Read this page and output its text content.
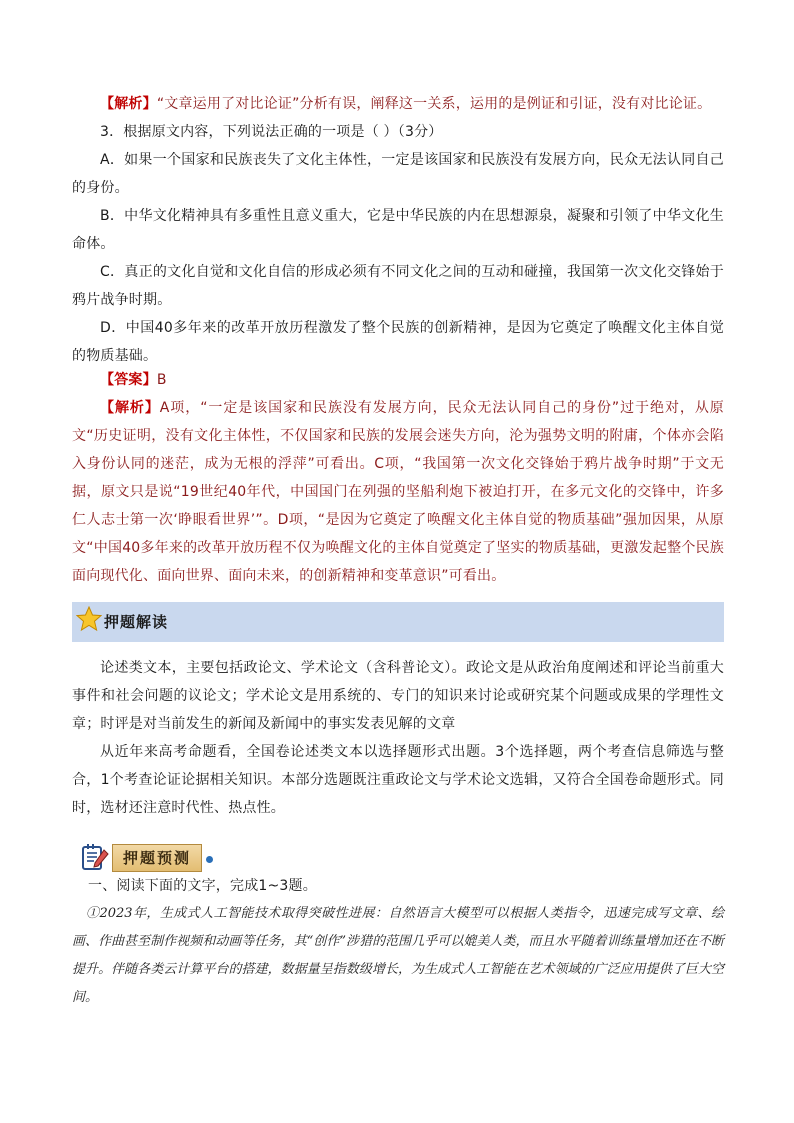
【解析】“文章运用了对比论证”分析有误，阐释这一关系，运用的是例证和引证，没有对比论证。

3．根据原文内容，下列说法正确的一项是（ ）（3分）

A．如果一个国家和民族丧失了文化主体性，一定是该国家和民族没有发展方向，民众无法认同自己的身份。

B．中华文化精神具有多重性且意义重大，它是中华民族的内在思想源泉，凝聚和引领了中华文化生命体。

C．真正的文化自觉和文化自信的形成必须有不同文化之间的互动和碰撞，我国第一次文化交锋始于鸦片战争时期。

D．中国40多年来的改革开放历程激发了整个民族的创新精神，是因为它奠定了唤醒文化主体自觉的物质基础。

【答案】B

【解析】A项，“一定是该国家和民族没有发展方向，民众无法认同自己的身份”过于绝对，从原文“历史证明，没有文化主体性，不仅国家和民族的发展会迷失方向，沦为强势文明的附庸，个体亦会陷入身份认同的迷茫，成为无根的浮萍”可看出。C项，“我国第一次文化交锋始于鸦片战争时期”于文无据，原文只是说“19世纪40年代，中国国门在列强的坚船利炮下被迫打开，在多元文化的交锋中，许多仁人志士第一次‘睁眼看世界’”。D项，“是因为它奠定了唤醒文化主体自觉的物质基础”强加因果，从原文“中国40多年来的改革开放历程不仅为唤醒文化的主体自觉奠定了坚实的物质基础，更激发起整个民族面向现代化、面向世界、面向未来，的创新精神和变革意识”可看出。

押题解读

论述类文本，主要包括政论文、学术论文（含科普论文）。政论文是从政治角度阐述和评论当前重大事件和社会问题的议论文；学术论文是用系统的、专门的知识来讨论或研究某个问题或成果的学理性文章；时评是对当前发生的新闻及新闻中的事实发表见解的文章

从近年来高考命题看，全国卷论述类文本以选择题形式出题。3个选择题，两个考查信息筛选与整合，1个考查论证论据相关知识。本部分选题既注重政论文与学术论文选辑，又符合全国卷命题形式。同时，选材还注意时代性、热点性。

押题预测

一、阅读下面的文字，完成1~3题。

①2023年，生成式人工智能技术取得突破性进展：自然语言大模型可以根据人类指令，迅速完成写文章、绘画、作曲甚至制作视频和动画等任务，其“创作”涉猎的范围几乎可以媲美人类，而且水平随着训练量增加还在不断提升。伴随各类云计算平台的搭建，数据量呈指数级增长，为生成式人工智能在艺术领域的广泛应用提供了巨大空间。
